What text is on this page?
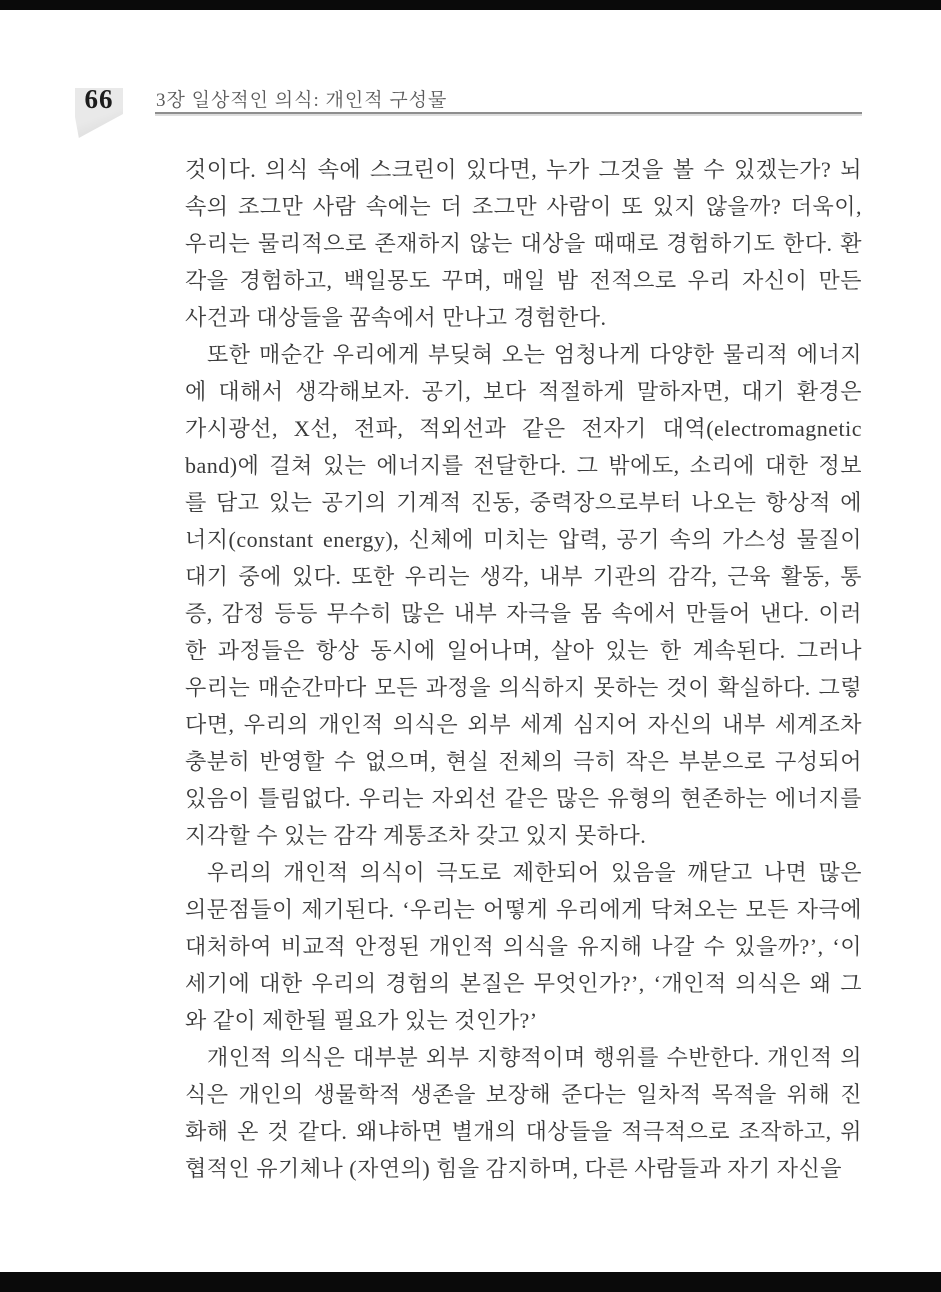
66	3장 일상적인 의식: 개인적 구성물
것이다. 의식 속에 스크린이 있다면, 누가 그것을 볼 수 있겠는가? 뇌
속의 조그만 사람 속에는 더 조그만 사람이 또 있지 않을까? 더욱이,
우리는 물리적으로 존재하지 않는 대상을 때때로 경험하기도 한다. 환
각을 경험하고, 백일몽도 꾸며, 매일 밤 전적으로 우리 자신이 만든
사건과 대상들을 꿈속에서 만나고 경험한다.
또한 매순간 우리에게 부딪혀 오는 엄청나게 다양한 물리적 에너지
에 대해서 생각해보자. 공기, 보다 적절하게 말하자면, 대기 환경은
가시광선, X선, 전파, 적외선과 같은 전자기 대역(electromagnetic
band)에 걸쳐 있는 에너지를 전달한다. 그 밖에도, 소리에 대한 정보
를 담고 있는 공기의 기계적 진동, 중력장으로부터 나오는 항상적 에
너지(constant energy), 신체에 미치는 압력, 공기 속의 가스성 물질이
대기 중에 있다. 또한 우리는 생각, 내부 기관의 감각, 근육 활동, 통
증, 감정 등등 무수히 많은 내부 자극을 몸 속에서 만들어 낸다. 이러
한 과정들은 항상 동시에 일어나며, 살아 있는 한 계속된다. 그러나
우리는 매순간마다 모든 과정을 의식하지 못하는 것이 확실하다. 그렇
다면, 우리의 개인적 의식은 외부 세계 심지어 자신의 내부 세계조차
충분히 반영할 수 없으며, 현실 전체의 극히 작은 부분으로 구성되어
있음이 틀림없다. 우리는 자외선 같은 많은 유형의 현존하는 에너지를
지각할 수 있는 감각 계통조차 갖고 있지 못하다.
우리의 개인적 의식이 극도로 제한되어 있음을 깨닫고 나면 많은
의문점들이 제기된다. ‘우리는 어떻게 우리에게 닥쳐오는 모든 자극에
대처하여 비교적 안정된 개인적 의식을 유지해 나갈 수 있을까?’, ‘이
세기에 대한 우리의 경험의 본질은 무엇인가?’, ‘개인적 의식은 왜 그
와 같이 제한될 필요가 있는 것인가?’
개인적 의식은 대부분 외부 지향적이며 행위를 수반한다. 개인적 의
식은 개인의 생물학적 생존을 보장해 준다는 일차적 목적을 위해 진
화해 온 것 같다. 왜냐하면 별개의 대상들을 적극적으로 조작하고, 위
협적인 유기체나 (자연의) 힘을 감지하며, 다른 사람들과 자기 자신을
